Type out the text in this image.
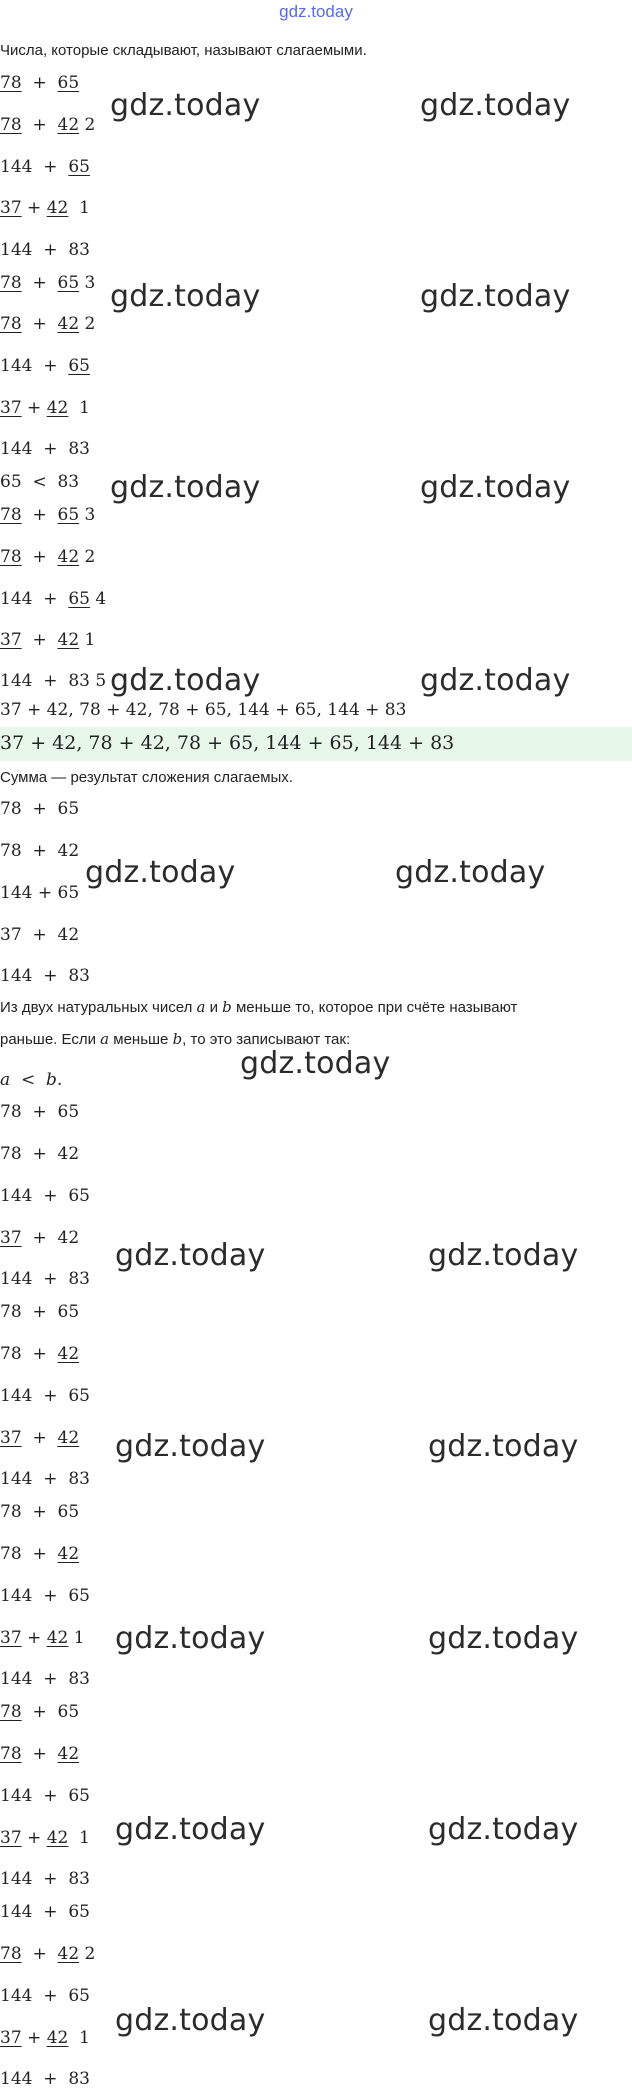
gdz.today
Числа, которые складывают, называют слагаемыми.
78  +  65
78  +  42 2
144  +  65
37 + 42 1
144  +  83
78  +  65 3
78  +  42 2
144  +  65
37 + 42 1
144  +  83
65  <  83
78  +  65 3
78  +  42 2
144  +  65 4
37  +  42 1
144  +  83 5
37 + 42, 78 + 42, 78 + 65, 144 + 65, 144 + 83
37 + 42, 78 + 42, 78 + 65, 144 + 65, 144 + 83
Сумма — результат сложения слагаемых.
78  +  65
78  +  42
144 + 65
37  +  42
144  +  83
Из двух натуральных чисел a и b меньше то, которое при счёте называют
раньше. Если a меньше b, то это записывают так:
a  <  b.
78  +  65
78  +  42
144  +  65
37  +  42
144  +  83
78  +  65
78  +  42
144  +  65
37  +  42
144  +  83
78  +  65
78  +  42
144  +  65
37 + 42 1
144  +  83
78  +  65
78  +  42
144  +  65
37 + 42 1
144  +  83
144  +  65
78  +  42 2
144  +  65
37 + 42 1
144  +  83
gdz.today	gdz.today
gdz.today	gdz.today
gdz.today	gdz.today
gdz.today	gdz.today
gdz.today	gdz.today
gdz.today
gdz.today	gdz.today
gdz.today	gdz.today
gdz.today	gdz.today
gdz.today	gdz.today
gdz.today	gdz.today
